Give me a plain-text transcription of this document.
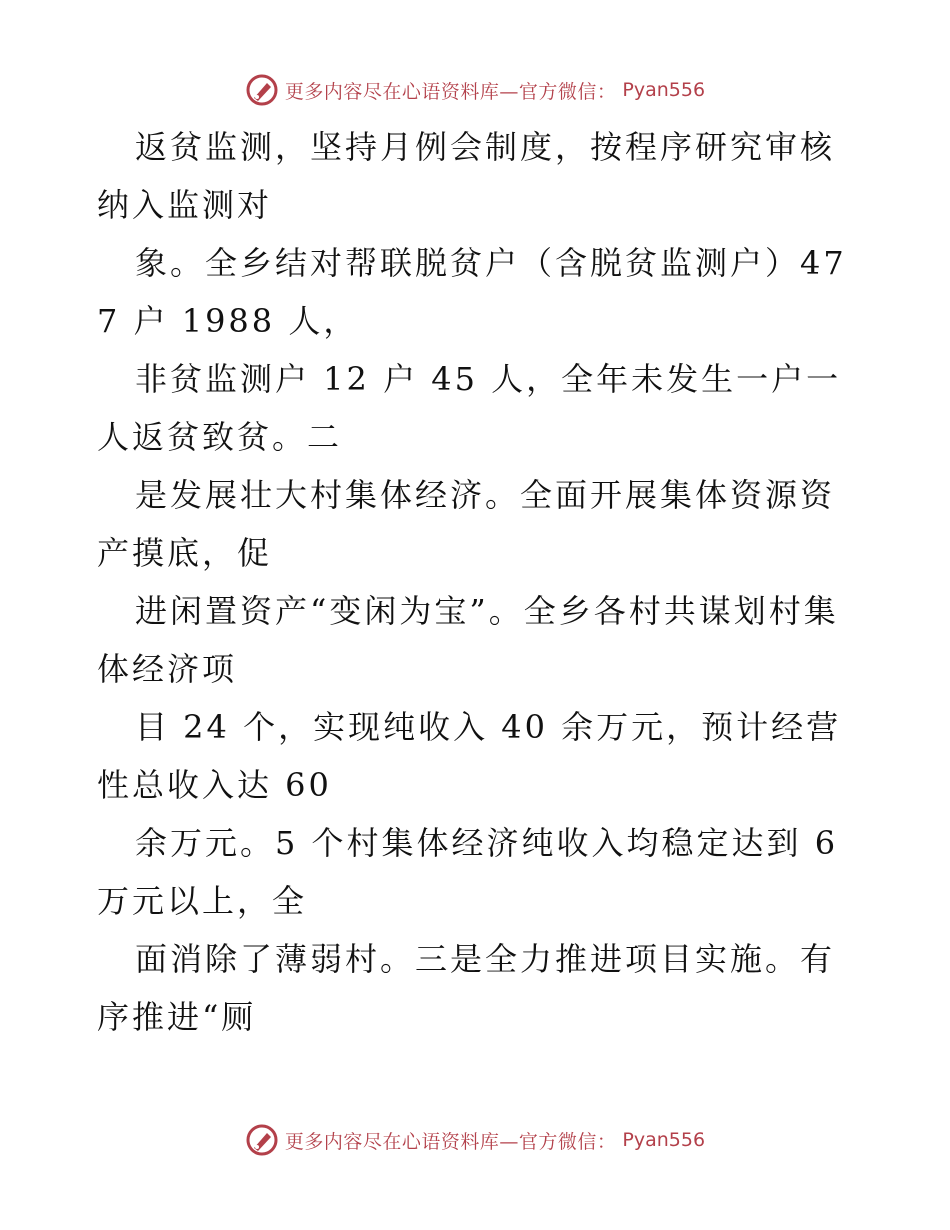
更多内容尽在心语资料库—官方微信： Pyan556

返贫监测，坚持月例会制度，按程序研究审核纳入监测对

象。全乡结对帮联脱贫户（含脱贫监测户）477 户 1988 人，

非贫监测户 12 户 45 人，全年未发生一户一人返贫致贫。二

是发展壮大村集体经济。全面开展集体资源资产摸底，促

进闲置资产“变闲为宝”。全乡各村共谋划村集体经济项

目 24 个，实现纯收入 40 余万元，预计经营性总收入达 60

余万元。5 个村集体经济纯收入均稳定达到 6 万元以上，全

面消除了薄弱村。三是全力推进项目实施。有序推进“厕

更多内容尽在心语资料库—官方微信： Pyan556
